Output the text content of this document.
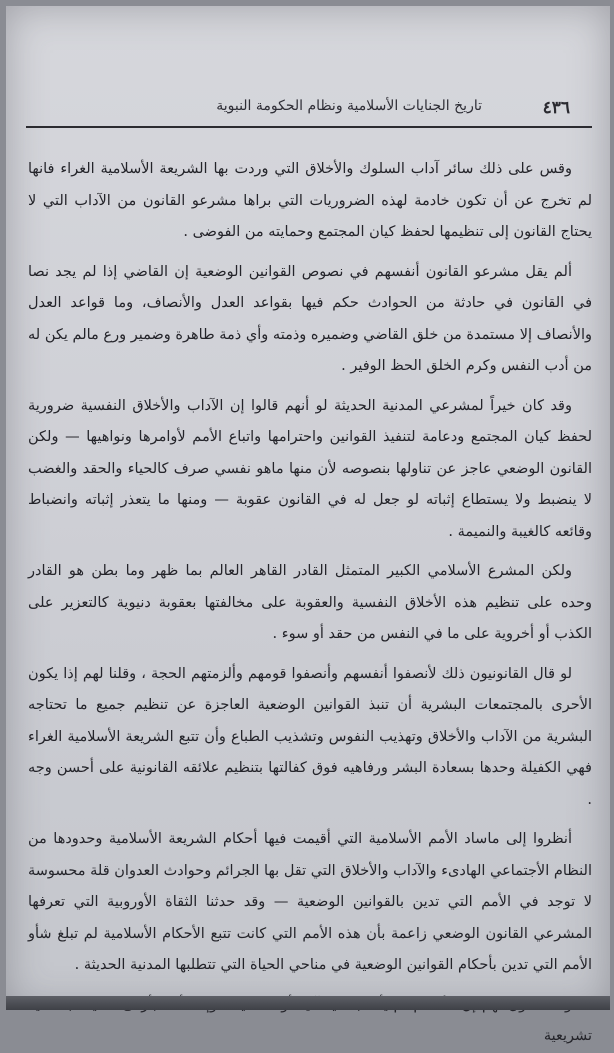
٤٣٦
تاريخ الجنايات الأسلامية ونظام الحكومة النبوية

وقس على ذلك سائر آداب السلوك والأخلاق التي وردت بها الشريعة الأسلامية الغراء فانها لم تخرج عن أن تكون خادمة لهذه الضروريات التي براها مشرعو القانون من الآداب التي لا يحتاج القانون إلى تنظيمها لحفظ كيان المجتمع وحمايته من الفوضى .

ألم يقل مشرعو القانون أنفسهم في نصوص القوانين الوضعية إن القاضي إذا لم يجد نصا في القانون في حادثة من الحوادث حكم فيها بقواعد العدل والأنصاف، وما قواعد العدل والأنصاف إلا مستمدة من خلق القاضي وضميره وذمته وأي ذمة طاهرة وضمير ورع مالم يكن له من أدب النفس وكرم الخلق الحظ الوفير .

وقد كان خيراً لمشرعي المدنية الحديثة لو أنهم قالوا إن الآداب والأخلاق النفسية ضرورية لحفظ كيان المجتمع ودعامة لتنفيذ القوانين واحترامها واتباع الأمم لأوامرها ونواهيها — ولكن القانون الوضعي عاجز عن تناولها بنصوصه لأن منها ماهو نفسي صرف كالحياء والحقد والغضب لا ينضبط ولا يستطاع إثباته لو جعل له في القانون عقوبة — ومنها ما يتعذر إثباته وانضباط وقائعه كالغيبة والنميمة .

ولكن المشرع الأسلامي الكبير المتمثل القادر القاهر العالم بما ظهر وما بطن هو القادر وحده على تنظيم هذه الأخلاق النفسية والعقوبة على مخالفتها بعقوبة دنيوية كالتعزير على الكذب أو أخروية على ما في النفس من حقد أو سوء .

لو قال القانونيون ذلك لأنصفوا أنفسهم وأنصفوا قومهم وألزمتهم الحجة ، وقلنا لهم إذا يكون الأحرى بالمجتمعات البشرية أن تنبذ القوانين الوضعية العاجزة عن تنظيم جميع ما تحتاجه البشرية من الآداب والأخلاق وتهذيب النفوس وتشذيب الطباع وأن تتبع الشريعة الأسلامية الغراء فهي الكفيلة وحدها بسعادة البشر ورفاهيه فوق كفالتها بتنظيم علائقه القانونية على أحسن وجه .

أنظروا إلى ماساد الأمم الأسلامية التي أقيمت فيها أحكام الشريعة الأسلامية وحدودها من النظام الأجتماعي الهادىء والآداب والأخلاق التي تقل بها الجرائم وحوادث العدوان قلة محسوسة لا توجد في الأمم التي تدين بالقوانين الوضعية — وقد حدثنا الثقاة الأوروبية التي تعرفها المشرعي القانون الوضعي زاعمة بأن هذه الأمم التي كانت تتبع الأحكام الأسلامية لم تبلغ شأو الأمم التي تدين بأحكام القوانين الوضعية في مناحي الحياة التي تتطلبها المدنية الحديثة .

تشريعية
